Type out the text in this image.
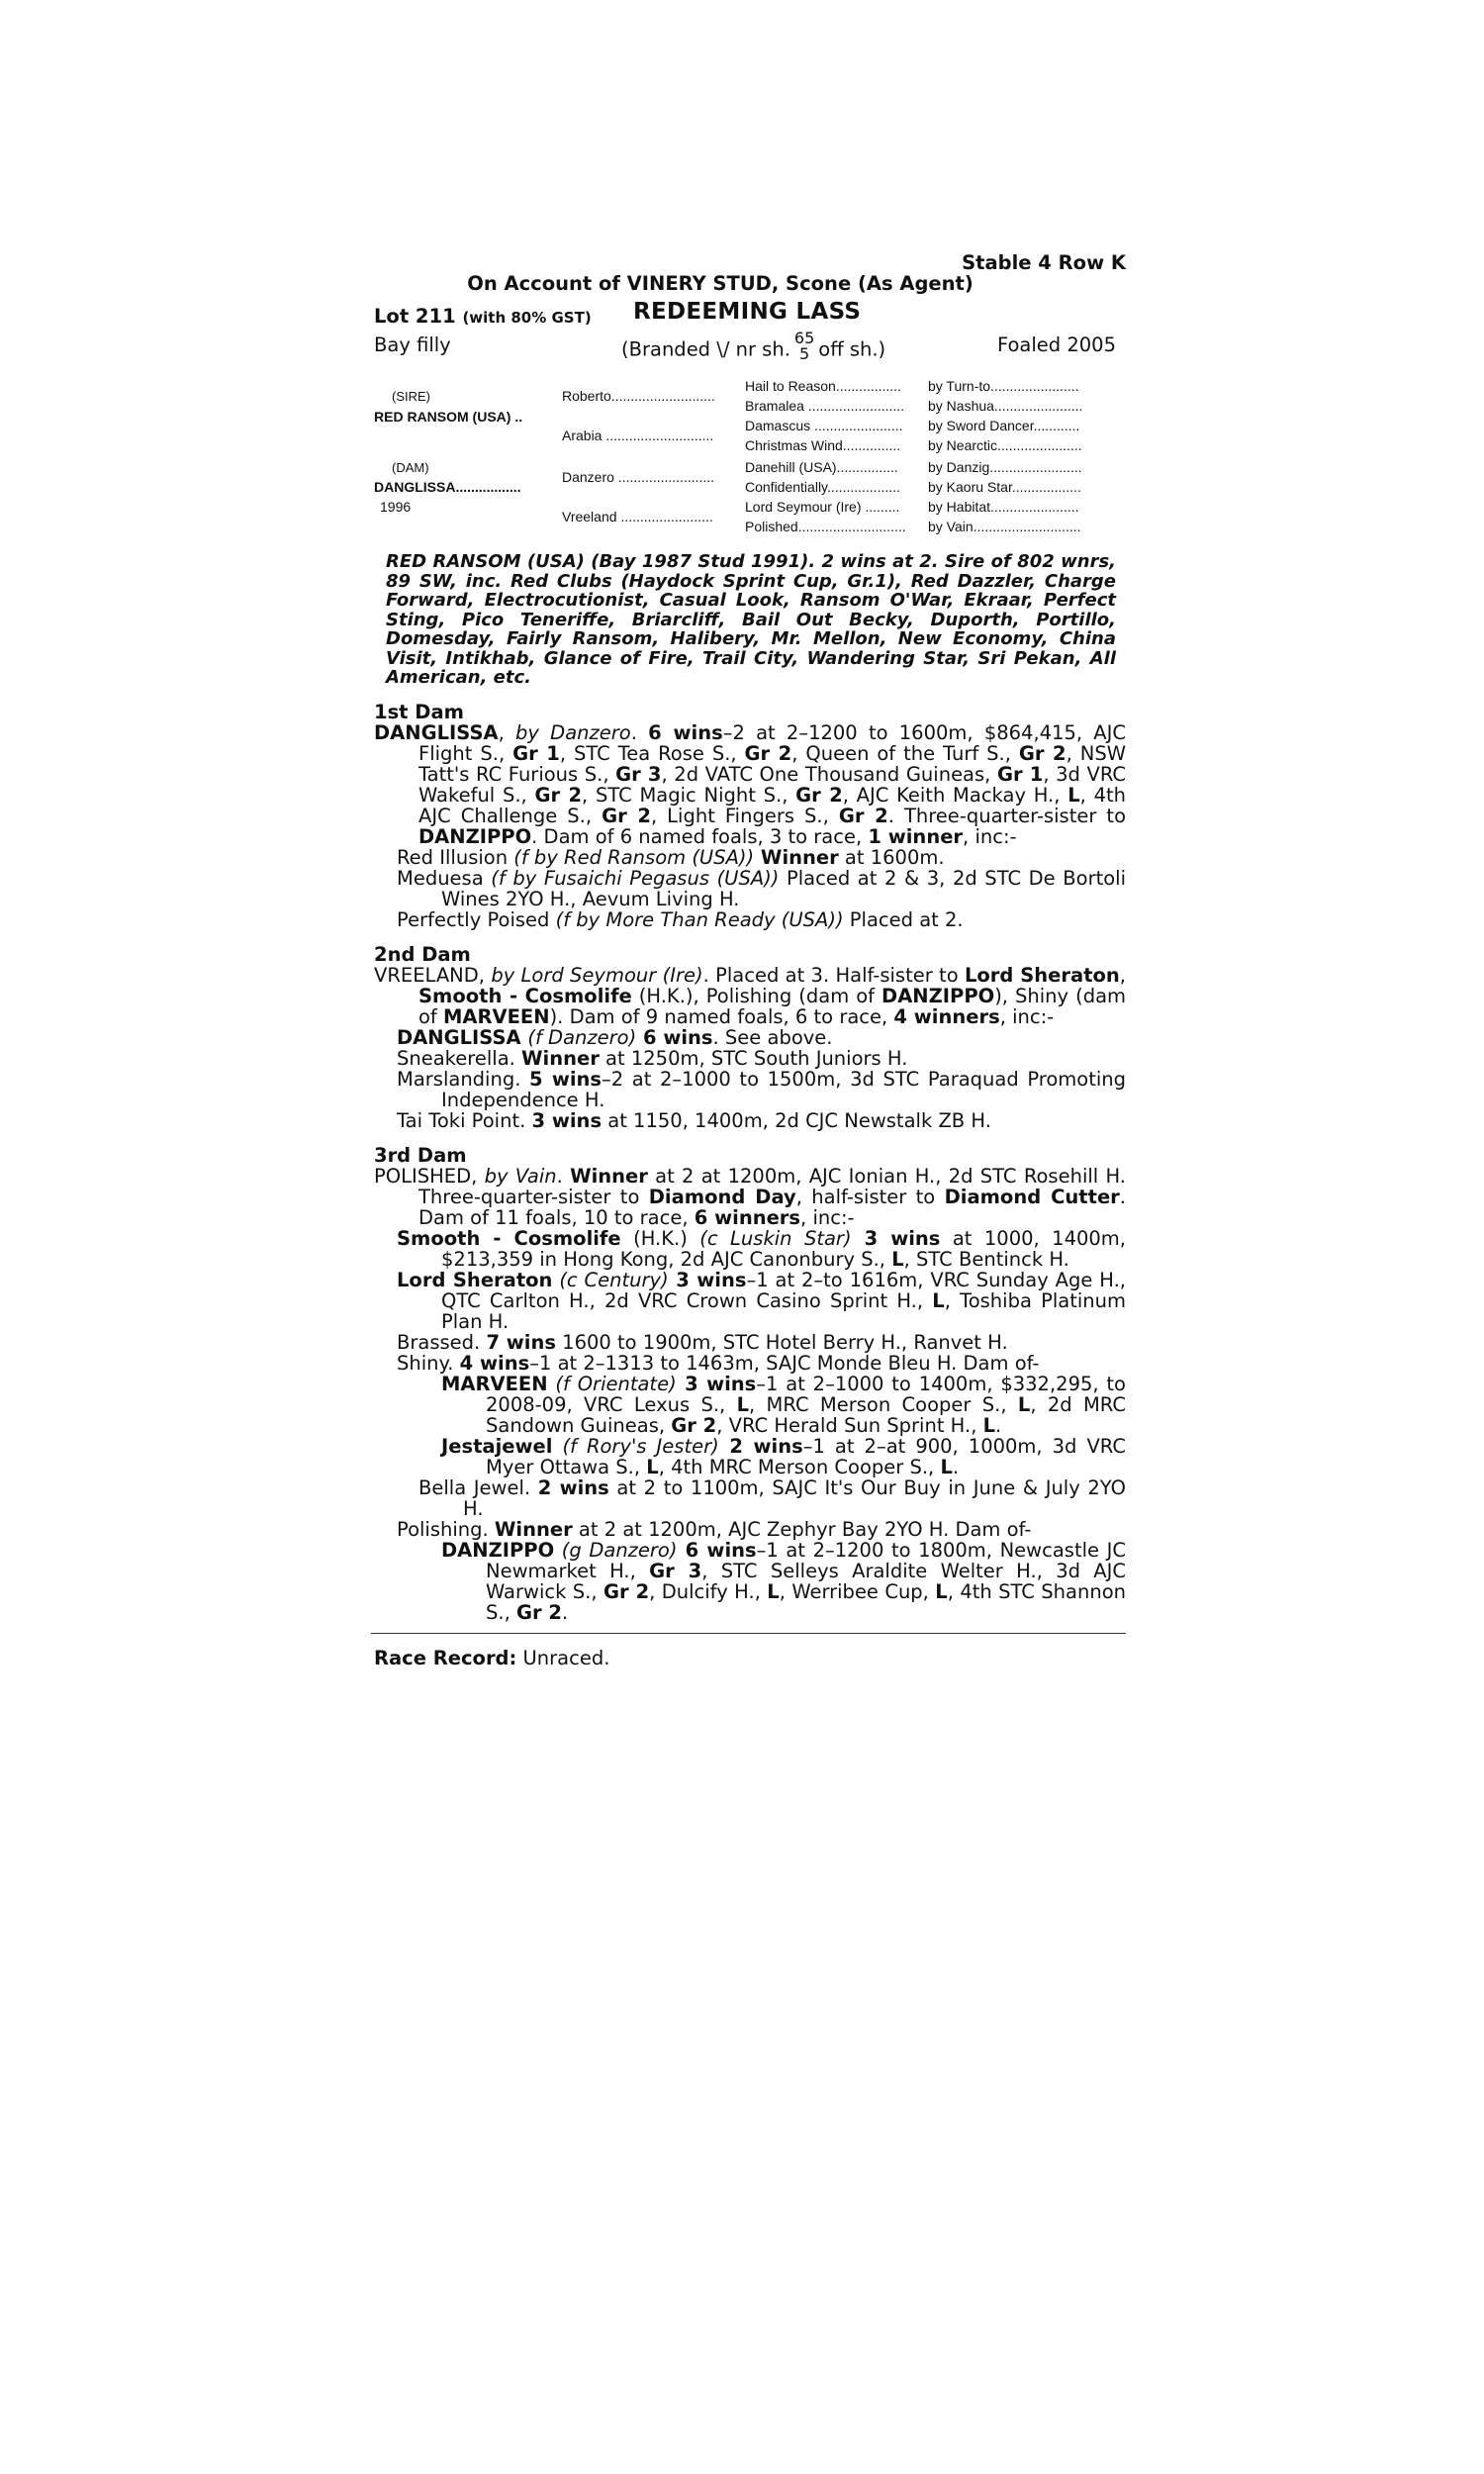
Stable 4 Row K
On Account of VINERY STUD, Scone (As Agent)
Lot 211 (with 80% GST) REDEEMING LASS
Bay filly	(Branded \/ nr sh. 65
5 off sh.)	Foaled 2005
(SIRE)
RED RANSOM (USA) ..
(DAM)
DANGLISSA.................
1996
Roberto...........................
Arabia ............................
Danzero .........................
Vreeland ........................
Hail to Reason.................
Bramalea .........................
Damascus .......................
Christmas Wind...............
Danehill (USA)................
Confidentially...................
Lord Seymour (Ire) .........
Polished............................
by Turn-to.......................
by Nashua.......................
by Sword Dancer............
by Nearctic......................
by Danzig........................
by Kaoru Star..................
by Habitat.......................
by Vain............................
RED RANSOM (USA) (Bay 1987 Stud 1991). 2 wins at 2. Sire of 802 wnrs, 89 SW, inc. Red Clubs (Haydock Sprint Cup, Gr.1), Red Dazzler, Charge Forward, Electrocutionist, Casual Look, Ransom O'War, Ekraar, Perfect Sting, Pico Teneriffe, Briarcliff, Bail Out Becky, Duporth, Portillo, Domesday, Fairly Ransom, Halibery, Mr. Mellon, New Economy, China Visit, Intikhab, Glance of Fire, Trail City, Wandering Star, Sri Pekan, All American, etc.
1st Dam

DANGLISSA, by Danzero. 6 wins–2 at 2–1200 to 1600m, $864,415, AJC Flight S., Gr 1, STC Tea Rose S., Gr 2, Queen of the Turf S., Gr 2, NSW Tatt's RC Furious S., Gr 3, 2d VATC One Thousand Guineas, Gr 1, 3d VRC Wakeful S., Gr 2, STC Magic Night S., Gr 2, AJC Keith Mackay H., L, 4th AJC Challenge S., Gr 2, Light Fingers S., Gr 2. Three-quarter-sister to DANZIPPO. Dam of 6 named foals, 3 to race, 1 winner, inc:-

Red Illusion (f by Red Ransom (USA)) Winner at 1600m.

Meduesa (f by Fusaichi Pegasus (USA)) Placed at 2 & 3, 2d STC De Bortoli Wines 2YO H., Aevum Living H.

Perfectly Poised (f by More Than Ready (USA)) Placed at 2.

2nd Dam

VREELAND, by Lord Seymour (Ire). Placed at 3. Half-sister to Lord Sheraton, Smooth - Cosmolife (H.K.), Polishing (dam of DANZIPPO), Shiny (dam of MARVEEN). Dam of 9 named foals, 6 to race, 4 winners, inc:-

DANGLISSA (f Danzero) 6 wins. See above.

Sneakerella. Winner at 1250m, STC South Juniors H.

Marslanding. 5 wins–2 at 2–1000 to 1500m, 3d STC Paraquad Promoting Independence H.

Tai Toki Point. 3 wins at 1150, 1400m, 2d CJC Newstalk ZB H.

3rd Dam

POLISHED, by Vain. Winner at 2 at 1200m, AJC Ionian H., 2d STC Rosehill H. Three-quarter-sister to Diamond Day, half-sister to Diamond Cutter. Dam of 11 foals, 10 to race, 6 winners, inc:-

Smooth - Cosmolife (H.K.) (c Luskin Star) 3 wins at 1000, 1400m, $213,359 in Hong Kong, 2d AJC Canonbury S., L, STC Bentinck H.

Lord Sheraton (c Century) 3 wins–1 at 2–to 1616m, VRC Sunday Age H., QTC Carlton H., 2d VRC Crown Casino Sprint H., L, Toshiba Platinum Plan H.

Brassed. 7 wins 1600 to 1900m, STC Hotel Berry H., Ranvet H.

Shiny. 4 wins–1 at 2–1313 to 1463m, SAJC Monde Bleu H. Dam of-

MARVEEN (f Orientate) 3 wins–1 at 2–1000 to 1400m, $332,295, to 2008-09, VRC Lexus S., L, MRC Merson Cooper S., L, 2d MRC Sandown Guineas, Gr 2, VRC Herald Sun Sprint H., L.

Jestajewel (f Rory's Jester) 2 wins–1 at 2–at 900, 1000m, 3d VRC Myer Ottawa S., L, 4th MRC Merson Cooper S., L.

Bella Jewel. 2 wins at 2 to 1100m, SAJC It's Our Buy in June & July 2YO H.

Polishing. Winner at 2 at 1200m, AJC Zephyr Bay 2YO H. Dam of-

DANZIPPO (g Danzero) 6 wins–1 at 2–1200 to 1800m, Newcastle JC Newmarket H., Gr 3, STC Selleys Araldite Welter H., 3d AJC Warwick S., Gr 2, Dulcify H., L, Werribee Cup, L, 4th STC Shannon S., Gr 2.

Race Record: Unraced.
